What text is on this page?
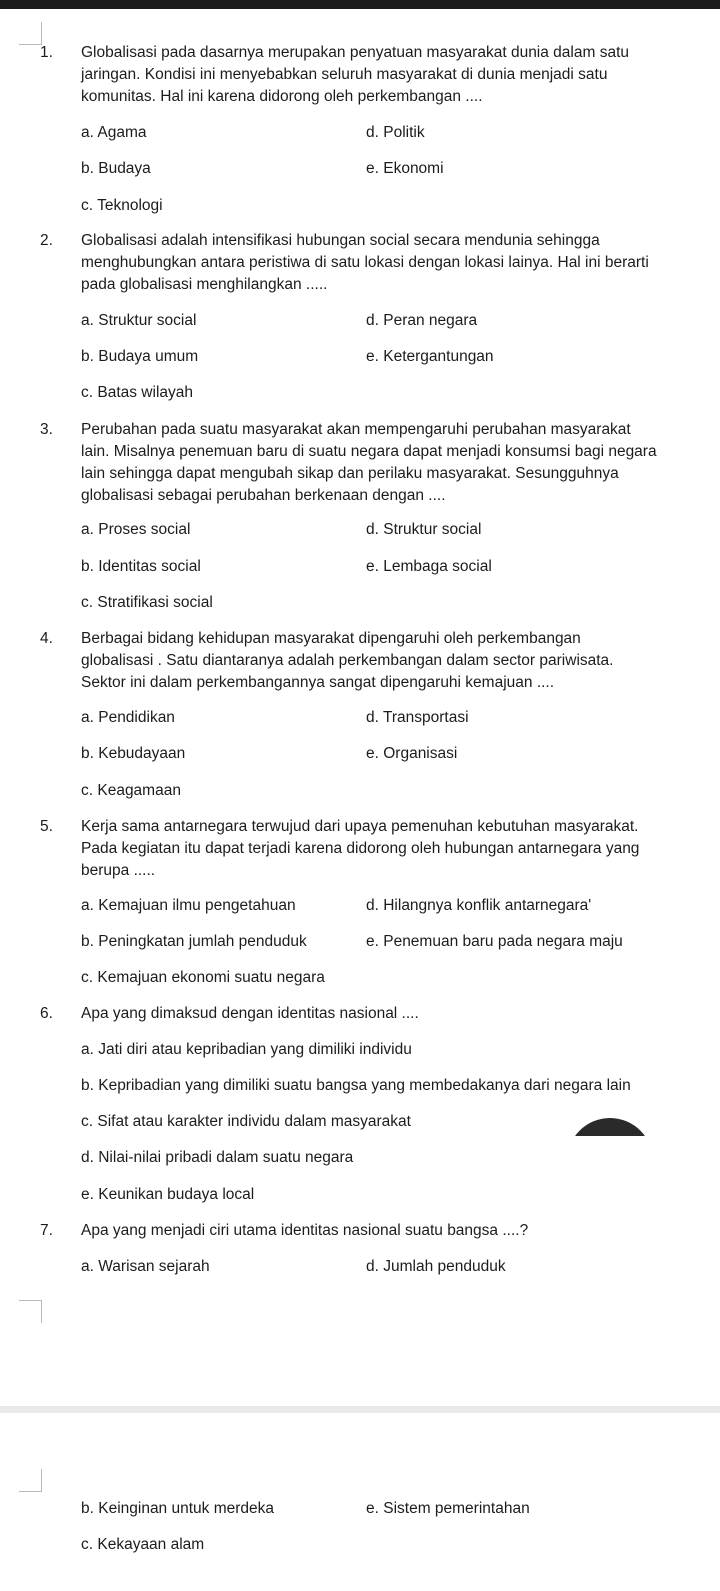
1. Globalisasi pada dasarnya merupakan penyatuan masyarakat dunia dalam satu
jaringan. Kondisi ini menyebabkan seluruh masyarakat di dunia menjadi satu
komunitas. Hal ini karena didorong oleh perkembangan ....
a. Agama	d. Politik
b. Budaya	e. Ekonomi
c. Teknologi
2. Globalisasi adalah intensifikasi hubungan social secara mendunia sehingga
menghubungkan antara peristiwa di satu lokasi dengan lokasi lainya. Hal ini berarti
pada globalisasi menghilangkan .....
a. Struktur social	d. Peran negara
b. Budaya umum	e. Ketergantungan
c. Batas wilayah
3. Perubahan pada suatu masyarakat akan mempengaruhi perubahan masyarakat
lain. Misalnya penemuan baru di suatu negara dapat menjadi konsumsi bagi negara
lain sehingga dapat mengubah sikap dan perilaku masyarakat. Sesungguhnya
globalisasi sebagai perubahan berkenaan dengan ....
a. Proses social	d. Struktur social
b. Identitas social	e. Lembaga social
c. Stratifikasi social
4. Berbagai bidang kehidupan masyarakat dipengaruhi oleh perkembangan
globalisasi . Satu diantaranya adalah perkembangan dalam sector pariwisata.
Sektor ini dalam perkembangannya sangat dipengaruhi kemajuan ....
a. Pendidikan	d. Transportasi
b. Kebudayaan	e. Organisasi
c. Keagamaan
5. Kerja sama antarnegara terwujud dari upaya pemenuhan kebutuhan masyarakat.
Pada kegiatan itu dapat terjadi karena didorong oleh hubungan antarnegara yang
berupa .....
a. Kemajuan ilmu pengetahuan	d. Hilangnya konflik antarnegara'
b. Peningkatan jumlah penduduk	e. Penemuan baru pada negara maju
c. Kemajuan ekonomi suatu negara
6. Apa yang dimaksud dengan identitas nasional ....
a. Jati diri atau kepribadian yang dimiliki individu
b. Kepribadian yang dimiliki suatu bangsa yang membedakanya dari negara lain
c. Sifat atau karakter individu dalam masyarakat
d. Nilai-nilai pribadi dalam suatu negara
e. Keunikan budaya local
7. Apa yang menjadi ciri utama identitas nasional suatu bangsa ....?
a. Warisan sejarah	d. Jumlah penduduk
b. Keinginan untuk merdeka	e. Sistem pemerintahan
c. Kekayaan alam
